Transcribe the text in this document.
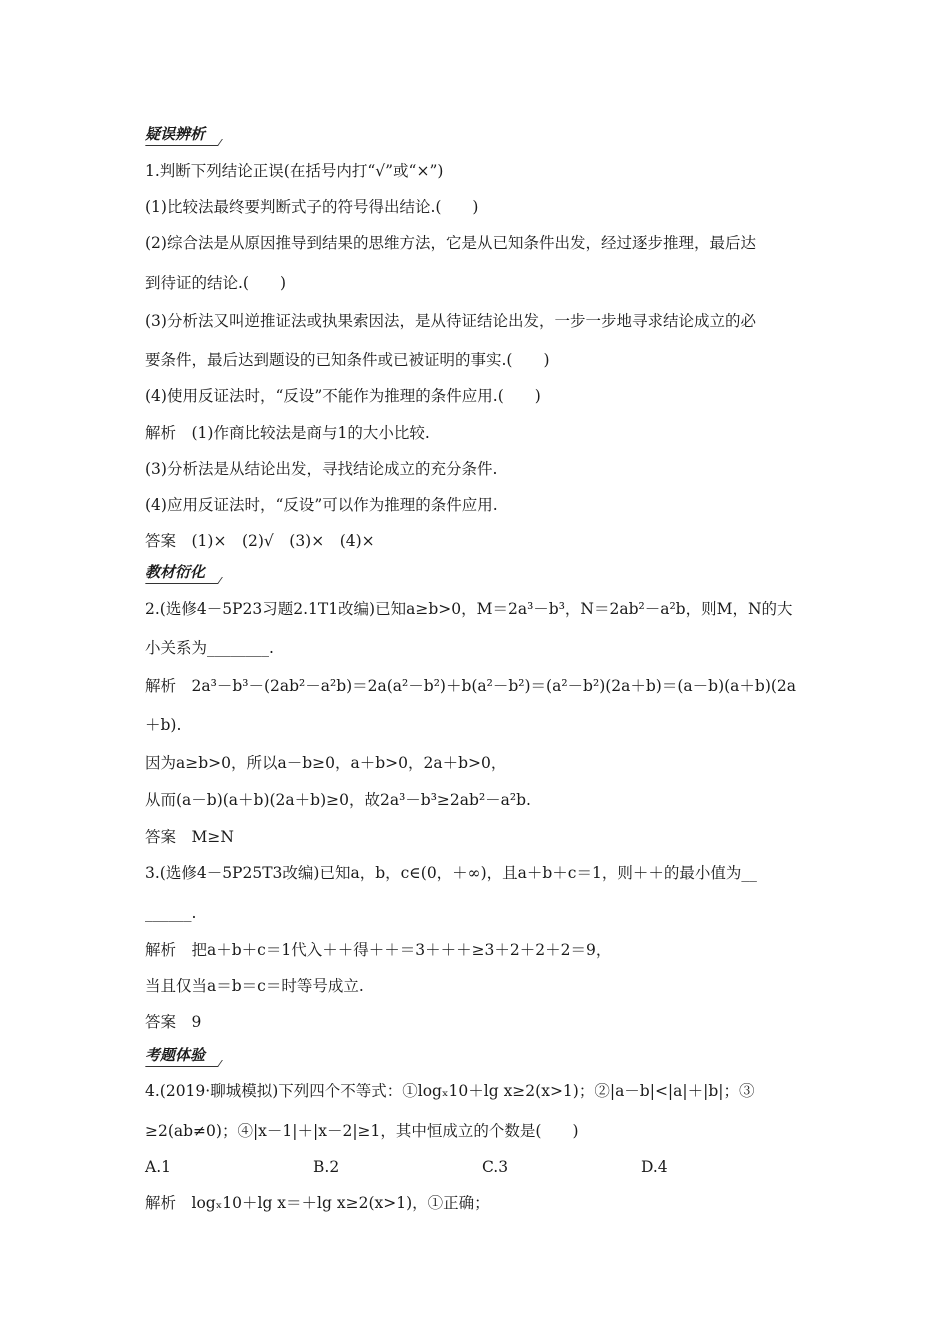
疑误辨析
1.判断下列结论正误(在括号内打“√”或“×”)
(1)比较法最终要判断式子的符号得出结论.(　　)
(2)综合法是从原因推导到结果的思维方法，它是从已知条件出发，经过逐步推理，最后达
到待证的结论.(　　)
(3)分析法又叫逆推证法或执果索因法，是从待证结论出发，一步一步地寻求结论成立的必
要条件，最后达到题设的已知条件或已被证明的事实.(　　)
(4)使用反证法时，“反设”不能作为推理的条件应用.(　　)
解析　(1)作商比较法是商与1的大小比较.
(3)分析法是从结论出发，寻找结论成立的充分条件.
(4)应用反证法时，“反设”可以作为推理的条件应用.
答案　(1)×　(2)√　(3)×　(4)×
教材衍化
2.(选修4－5P23习题2.1T1改编)已知a≥b>0，M＝2a³－b³，N＝2ab²－a²b，则M，N的大
小关系为________.
解析　2a³－b³－(2ab²－a²b)＝2a(a²－b²)＋b(a²－b²)＝(a²－b²)(2a＋b)＝(a－b)(a＋b)(2a
＋b).
因为a≥b>0，所以a－b≥0，a＋b>0，2a＋b>0，
从而(a－b)(a＋b)(2a＋b)≥0，故2a³－b³≥2ab²－a²b.
答案　M≥N
3.(选修4－5P25T3改编)已知a，b，c∈(0，＋∞)，且a＋b＋c＝1，则＋＋的最小值为__
______.
解析　把a＋b＋c＝1代入＋＋得＋＋＝3＋＋＋≥3＋2＋2＋2＝9，
当且仅当a＝b＝c＝时等号成立.
答案　9
考题体验
4.(2019·聊城模拟)下列四个不等式：①logₓ10＋lg x≥2(x>1)；②|a－b|<|a|＋|b|；③
≥2(ab≠0)；④|x－1|＋|x－2|≥1，其中恒成立的个数是(　　)
A.1	B.2	C.3	D.4
解析　logₓ10＋lg x＝＋lg x≥2(x>1)，①正确；
